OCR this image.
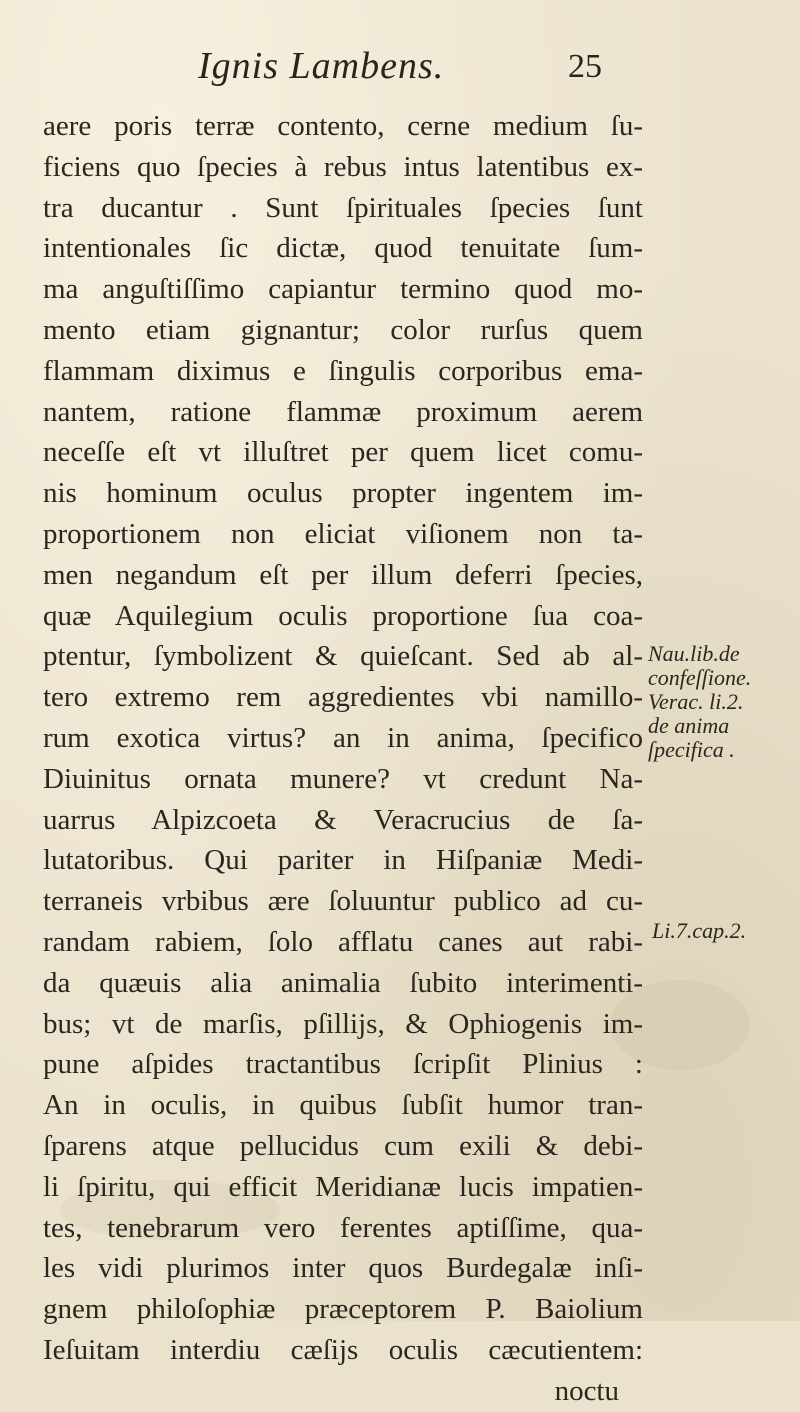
Ignis Lambens.	25
aere poris terræ contento, cerne medium ſu-
ficiens quo ſpecies à rebus intus latentibus ex-
tra ducantur . Sunt ſpirituales ſpecies ſunt
intentionales ſic dictæ, quod tenuitate ſum-
ma anguſtiſſimo capiantur termino quod mo-
mento etiam gignantur; color rurſus quem
flammam diximus e ſingulis corporibus ema-
nantem, ratione flammæ proximum aerem
neceſſe eſt vt illuſtret per quem licet comu-
nis hominum oculus propter ingentem im-
proportionem non eliciat viſionem non ta-
men negandum eſt per illum deferri ſpecies,
quæ Aquilegium oculis proportione ſua coa-
ptentur, ſymbolizent & quieſcant. Sed ab al-
tero extremo rem aggredientes vbi namillo-
rum exotica virtus? an in anima, ſpecifico
Diuinitus ornata munere? vt credunt Na-
uarrus Alpizcoeta & Veracrucius de ſa-
lutatoribus. Qui pariter in Hiſpaniæ Medi-
terraneis vrbibus ære ſoluuntur publico ad cu-
randam rabiem, ſolo afflatu canes aut rabi-
da quæuis alia animalia ſubito interimenti-
bus; vt de marſis, pſillijs, & Ophiogenis im-
pune aſpides tractantibus ſcripſit Plinius :
An in oculis, in quibus ſubſit humor tran-
ſparens atque pellucidus cum exili & debi-
li ſpiritu, qui efficit Meridianæ lucis impatien-
tes, tenebrarum vero ferentes aptiſſime, qua-
les vidi plurimos inter quos Burdegalæ inſi-
gnem philoſophiæ præceptorem P. Baiolium
Ieſuitam interdiu cæſijs oculis cæcutientem:
noctu
Nau.lib.de
confeſſione.
Verac. li.2.
de anima
ſpecifica .
Li.7.cap.2.
